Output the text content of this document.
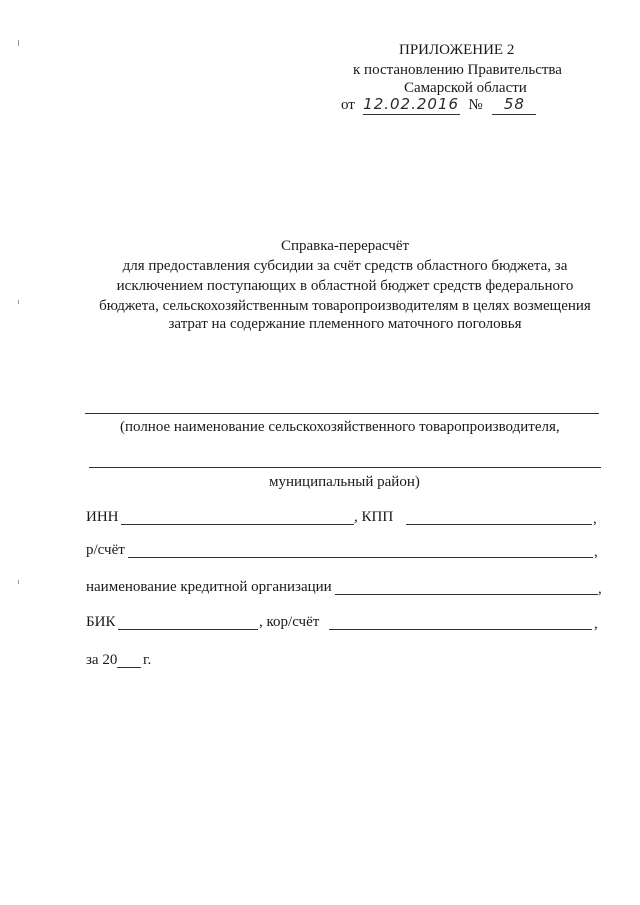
ПРИЛОЖЕНИЕ 2
к постановлению Правительства
Самарской области
от 12.02.2016 № 58
Справка-перерасчёт
для предоставления субсидии за счёт средств областного бюджета, за
исключением поступающих в областной бюджет средств федерального
бюджета, сельскохозяйственным товаропроизводителям в целях возмещения
затрат на содержание племенного маточного поголовья
(полное наименование сельскохозяйственного товаропроизводителя,
муниципальный район)
ИНН	, КПП	,
р/счёт	,
наименование кредитной организации	,
БИК	, кор/счёт	,
за 20 г.
